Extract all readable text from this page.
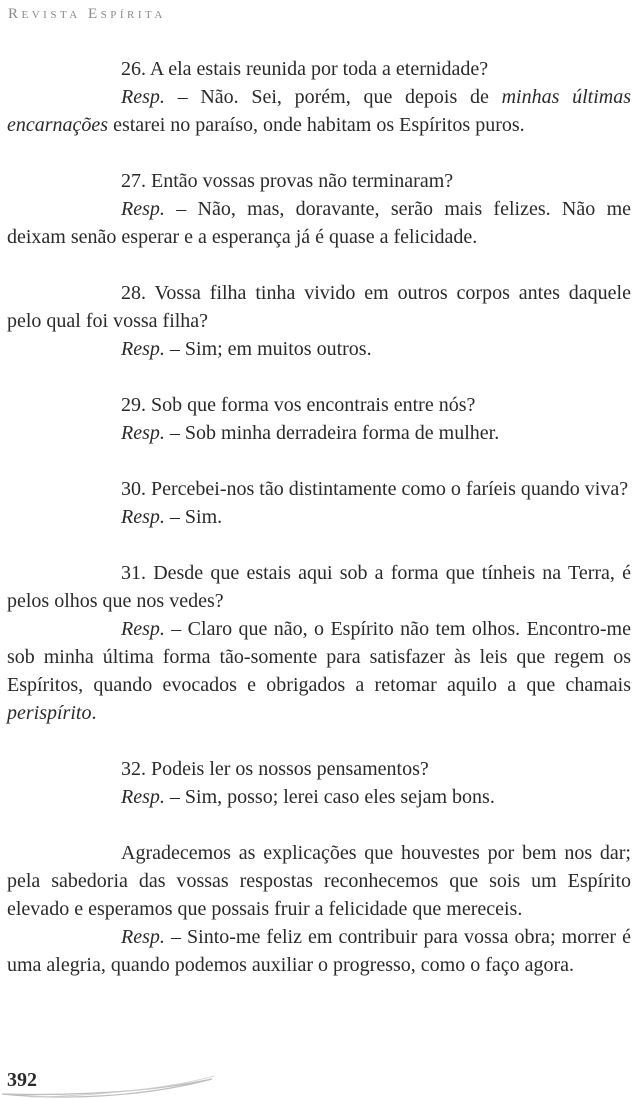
Revista Espírita

26. A ela estais reunida por toda a eternidade?

Resp. – Não. Sei, porém, que depois de minhas últimas encarnações estarei no paraíso, onde habitam os Espíritos puros.

27. Então vossas provas não terminaram?

Resp. – Não, mas, doravante, serão mais felizes. Não me deixam senão esperar e a esperança já é quase a felicidade.

28. Vossa filha tinha vivido em outros corpos antes daquele pelo qual foi vossa filha?

Resp. – Sim; em muitos outros.

29. Sob que forma vos encontrais entre nós?

Resp. – Sob minha derradeira forma de mulher.

30. Percebei-nos tão distintamente como o faríeis quando viva?

Resp. – Sim.

31. Desde que estais aqui sob a forma que tínheis na Terra, é pelos olhos que nos vedes?

Resp. – Claro que não, o Espírito não tem olhos. Encontro-me sob minha última forma tão-somente para satisfazer às leis que regem os Espíritos, quando evocados e obrigados a retomar aquilo a que chamais perispírito.

32. Podeis ler os nossos pensamentos?

Resp. – Sim, posso; lerei caso eles sejam bons.

Agradecemos as explicações que houvestes por bem nos dar; pela sabedoria das vossas respostas reconhecemos que sois um Espírito elevado e esperamos que possais fruir a felicidade que mereceis.

Resp. – Sinto-me feliz em contribuir para vossa obra; morrer é uma alegria, quando podemos auxiliar o progresso, como o faço agora.

392
